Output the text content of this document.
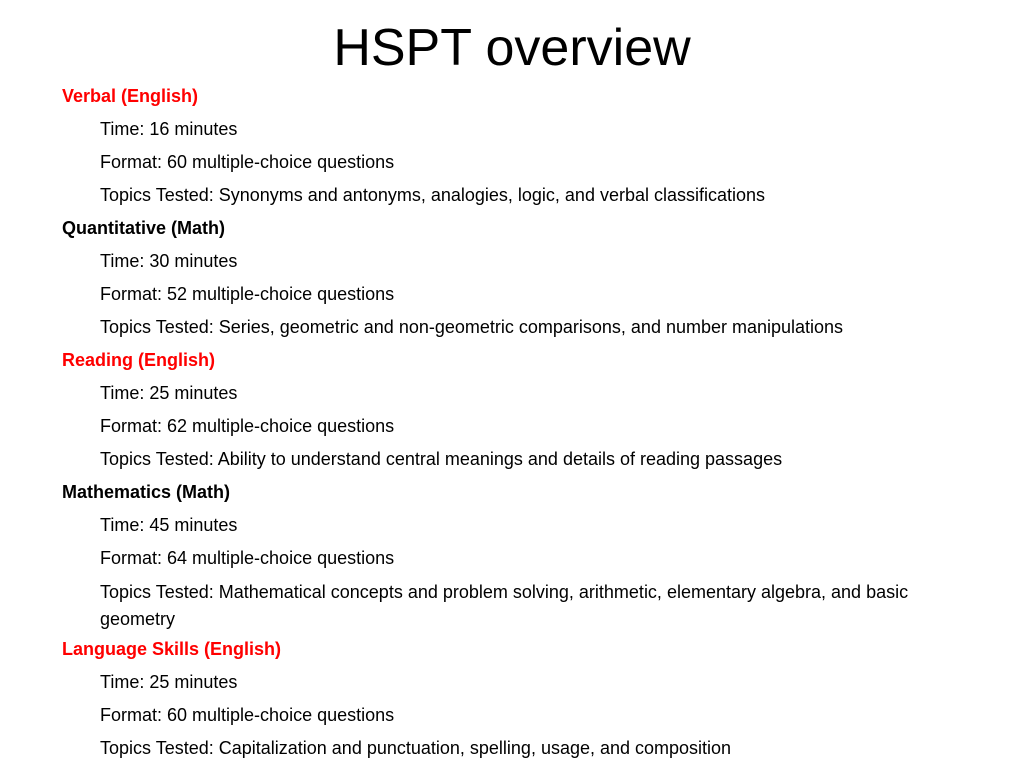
HSPT overview
Verbal (English)
Time: 16 minutes
Format: 60 multiple-choice questions
Topics Tested: Synonyms and antonyms, analogies, logic, and verbal classifications
Quantitative (Math)
Time: 30 minutes
Format: 52 multiple-choice questions
Topics Tested: Series, geometric and non-geometric comparisons, and number manipulations
Reading (English)
Time: 25 minutes
Format: 62 multiple-choice questions
Topics Tested: Ability to understand central meanings and details of reading passages
Mathematics (Math)
Time: 45 minutes
Format: 64 multiple-choice questions
Topics Tested: Mathematical concepts and problem solving, arithmetic, elementary algebra, and basic geometry
Language Skills (English)
Time: 25 minutes
Format: 60 multiple-choice questions
Topics Tested: Capitalization and punctuation, spelling, usage, and composition
